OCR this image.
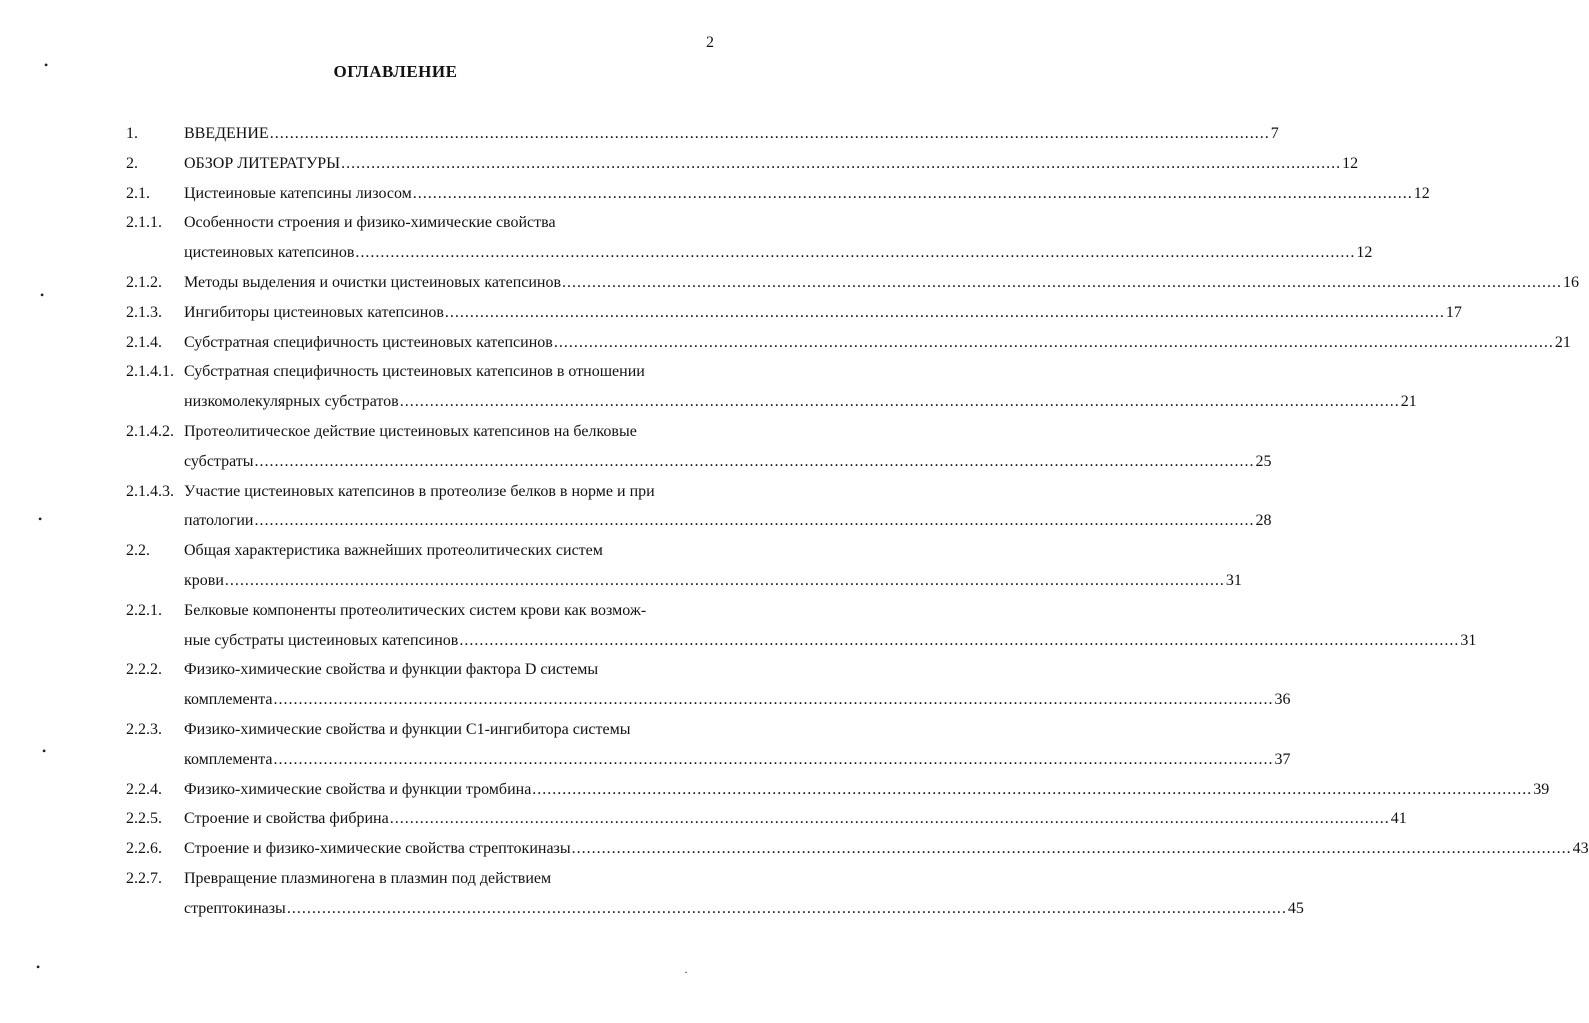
2
ОГЛАВЛЕНИЕ
1.	ВВЕДЕНИЕ ........................................................................................................................................................................................................ 7
2.	ОБЗОР ЛИТЕРАТУРЫ ........................................................................................................................................................................................................ 12
2.1. Цистеиновые катепсины лизосом ........................................................................................................................................................................................................ 12
2.1.1. Особенности строения и физико-химические свойства
цистеиновых катепсинов ........................................................................................................................................................................................................ 12
2.1.2. Методы выделения и очистки цистеиновых катепсинов ........................................................................................................................................................................................................ 16
2.1.3. Ингибиторы цистеиновых катепсинов ........................................................................................................................................................................................................ 17
2.1.4. Субстратная специфичность цистеиновых катепсинов ........................................................................................................................................................................................................ 21
2.1.4.1. Субстратная специфичность цистеиновых катепсинов в отношении
низкомолекулярных субстратов ........................................................................................................................................................................................................ 21
2.1.4.2. Протеолитическое действие цистеиновых катепсинов на белковые
субстраты ........................................................................................................................................................................................................ 25
2.1.4.3. Участие цистеиновых катепсинов в протеолизе белков в норме и при
патологии ........................................................................................................................................................................................................ 28
2.2. Общая характеристика важнейших протеолитических систем
крови ........................................................................................................................................................................................................ 31
2.2.1. Белковые компоненты протеолитических систем крови как возмож-
ные субстраты цистеиновых катепсинов ........................................................................................................................................................................................................ 31
2.2.2. Физико-химические свойства и функции фактора D системы
комплемента ........................................................................................................................................................................................................ 36
2.2.3. Физико-химические свойства и функции C1-ингибитора системы
комплемента ........................................................................................................................................................................................................ 37
2.2.4. Физико-химические свойства и функции тромбина ........................................................................................................................................................................................................ 39
2.2.5. Строение и свойства фибрина ........................................................................................................................................................................................................ 41
2.2.6. Строение и физико-химические свойства стрептокиназы ........................................................................................................................................................................................................ 43
2.2.7. Превращение плазминогена в плазмин под действием
стрептокиназы ........................................................................................................................................................................................................ 45
•
•
•
•
•	·
